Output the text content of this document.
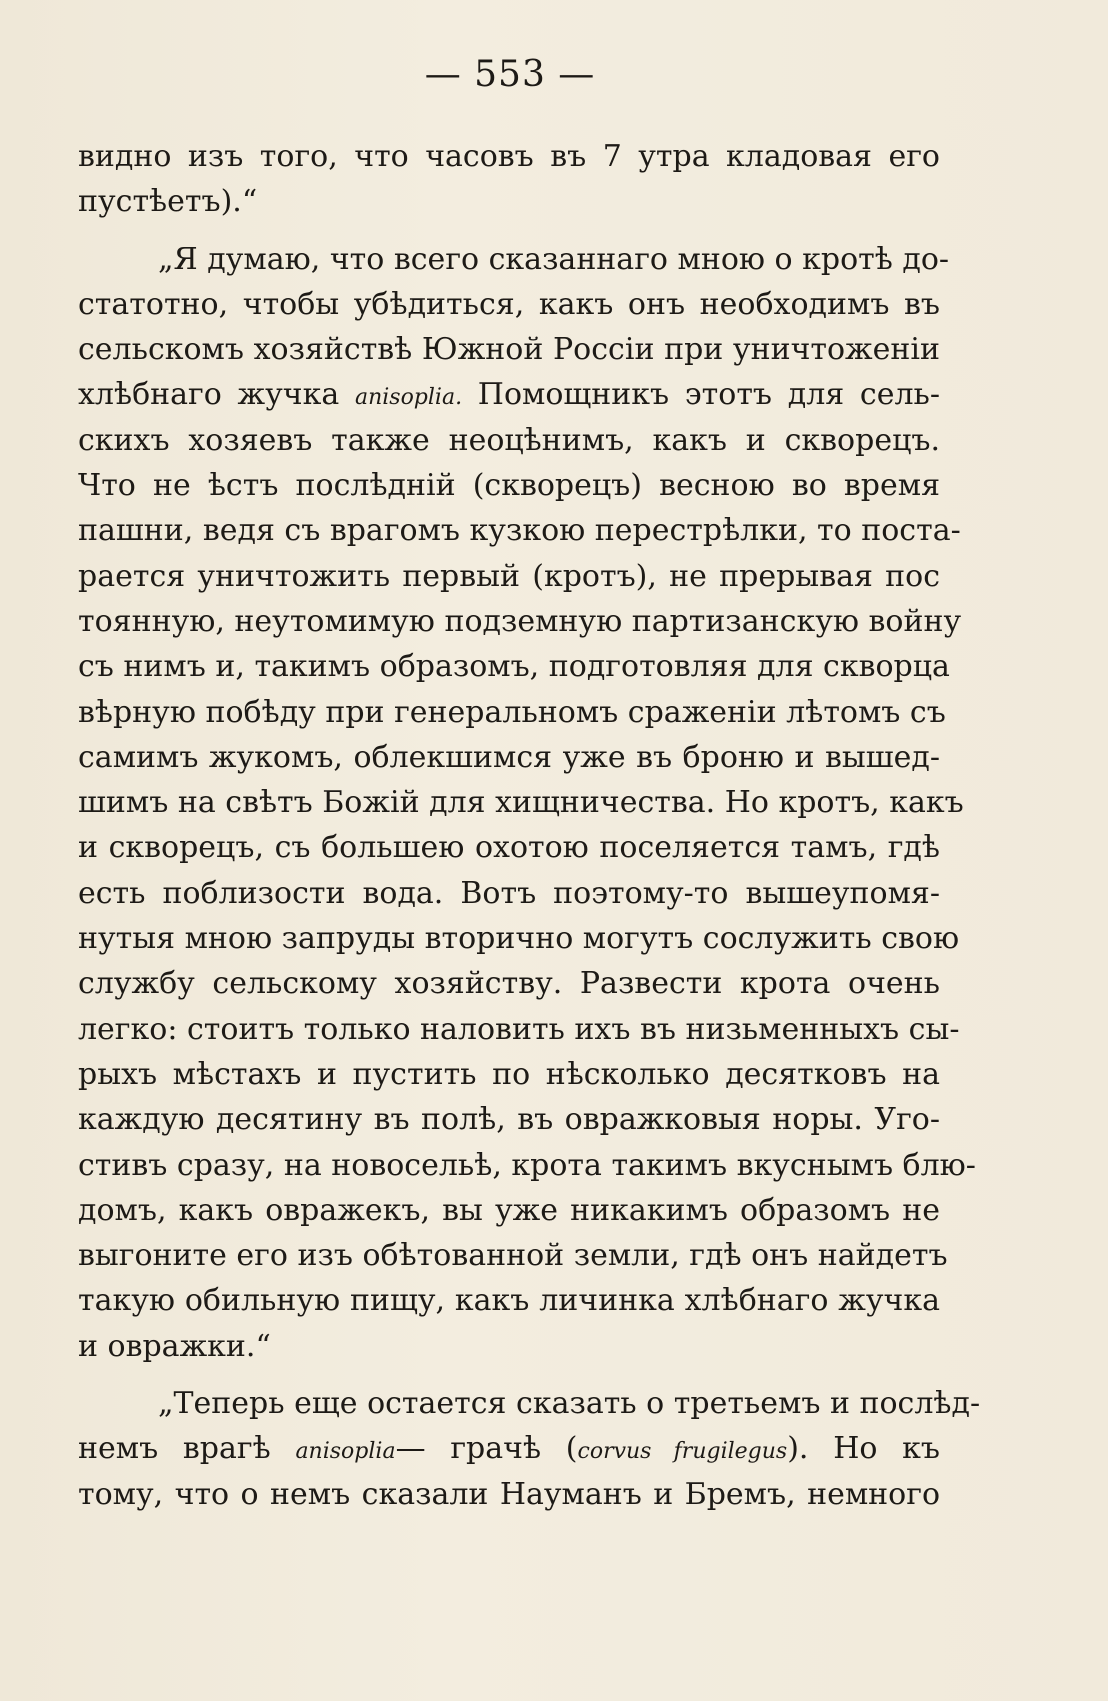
— 553 —
видно изъ того, что часовъ въ 7 утра кладовая его
пустѣетъ).“
„Я думаю, что всего сказаннаго мною о кротѣ до-
статотно, чтобы убѣдиться, какъ онъ необходимъ въ
сельскомъ хозяйствѣ Южной Россіи при уничтоженіи
хлѣбнаго жучка anisoplia. Помощникъ этотъ для сель-
скихъ хозяевъ также неоцѣнимъ, какъ и скворецъ.
Что не ѣстъ послѣдній (скворецъ) весною во время
пашни, ведя съ врагомъ кузкою перестрѣлки, то поста-
рается уничтожить первый (кротъ), не прерывая пос
тоянную, неутомимую подземную партизанскую войну
съ нимъ и, такимъ образомъ, подготовляя для скворца
вѣрную побѣду при генеральномъ сраженіи лѣтомъ съ
самимъ жукомъ, облекшимся уже въ броню и вышед-
шимъ на свѣтъ Божій для хищничества. Но кротъ, какъ
и скворецъ, съ большею охотою поселяется тамъ, гдѣ
есть поблизости вода. Вотъ поэтому-то вышеупомя-
нутыя мною запруды вторично могутъ сослужить свою
службу сельскому хозяйству. Развести крота очень
легко: стоитъ только наловить ихъ въ низьменныхъ сы-
рыхъ мѣстахъ и пустить по нѣсколько десятковъ на
каждую десятину въ полѣ, въ овражковыя норы. Уго-
стивъ сразу, на новосельѣ, крота такимъ вкуснымъ блю-
домъ, какъ овражекъ, вы уже никакимъ образомъ не
выгоните его изъ обѣтованной земли, гдѣ онъ найдетъ
такую обильную пищу, какъ личинка хлѣбнаго жучка
и овражки.“
„Теперь еще остается сказать о третьемъ и послѣд-
немъ врагѣ anisoplia— грачѣ (corvus frugilegus). Но къ
тому, что о немъ сказали Науманъ и Бремъ, немного
